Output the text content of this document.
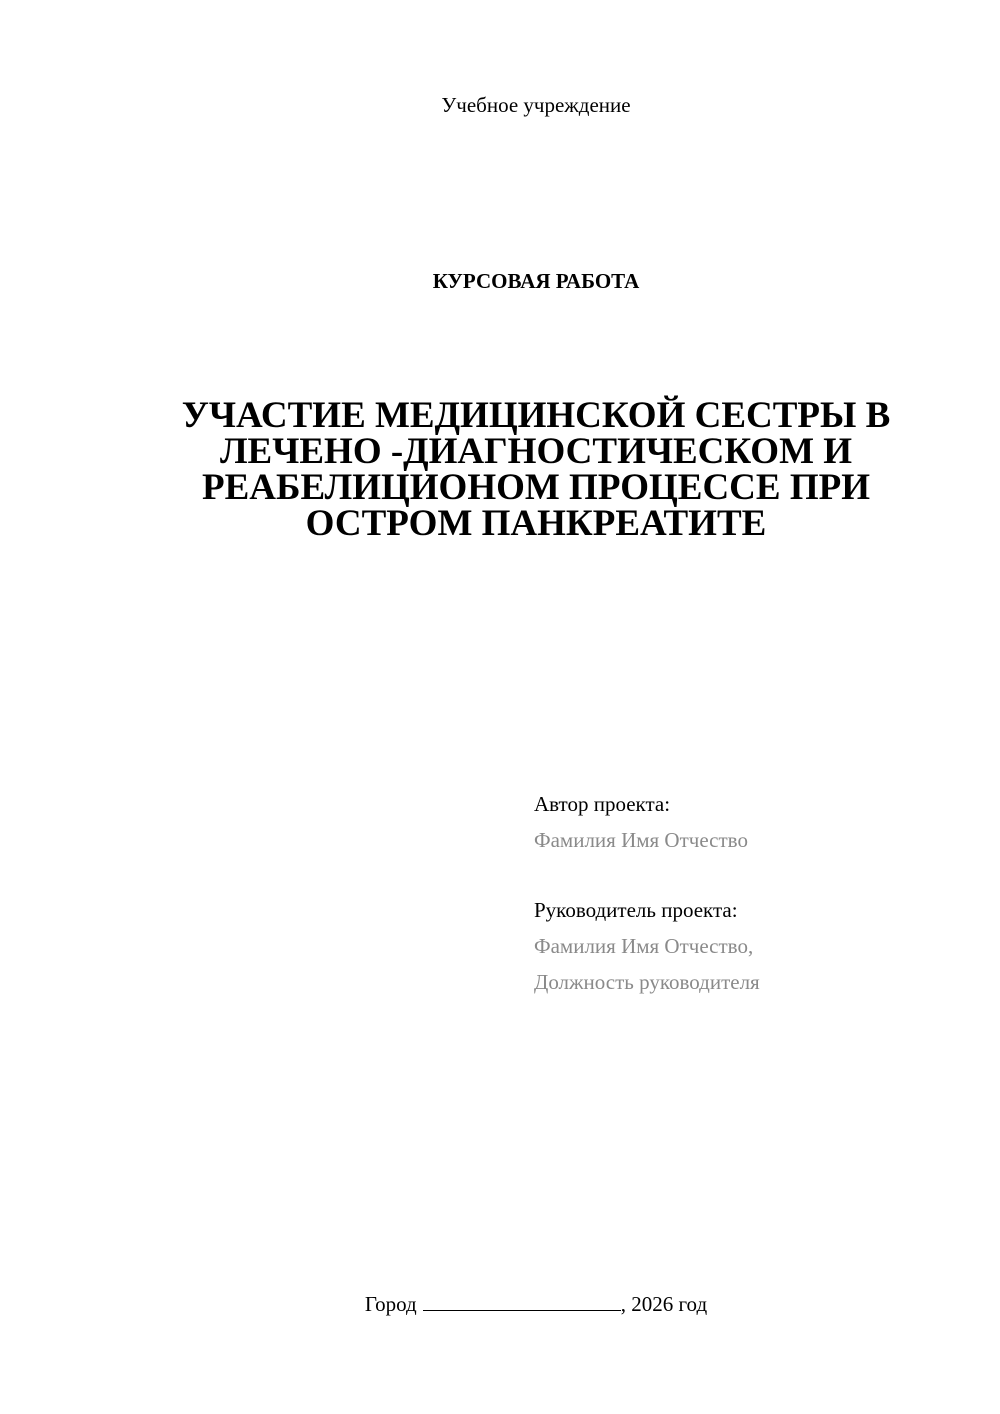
Учебное учреждение
КУРСОВАЯ РАБОТА
УЧАСТИЕ МЕДИЦИНСКОЙ СЕСТРЫ В
ЛЕЧЕНО -ДИАГНОСТИЧЕСКОМ И
РЕАБЕЛИЦИОНОМ ПРОЦЕССЕ ПРИ
ОСТРОМ ПАНКРЕАТИТЕ
Автор проекта:
Фамилия Имя Отчество
Руководитель проекта:
Фамилия Имя Отчество,
Должность руководителя
Город	, 2026 год
